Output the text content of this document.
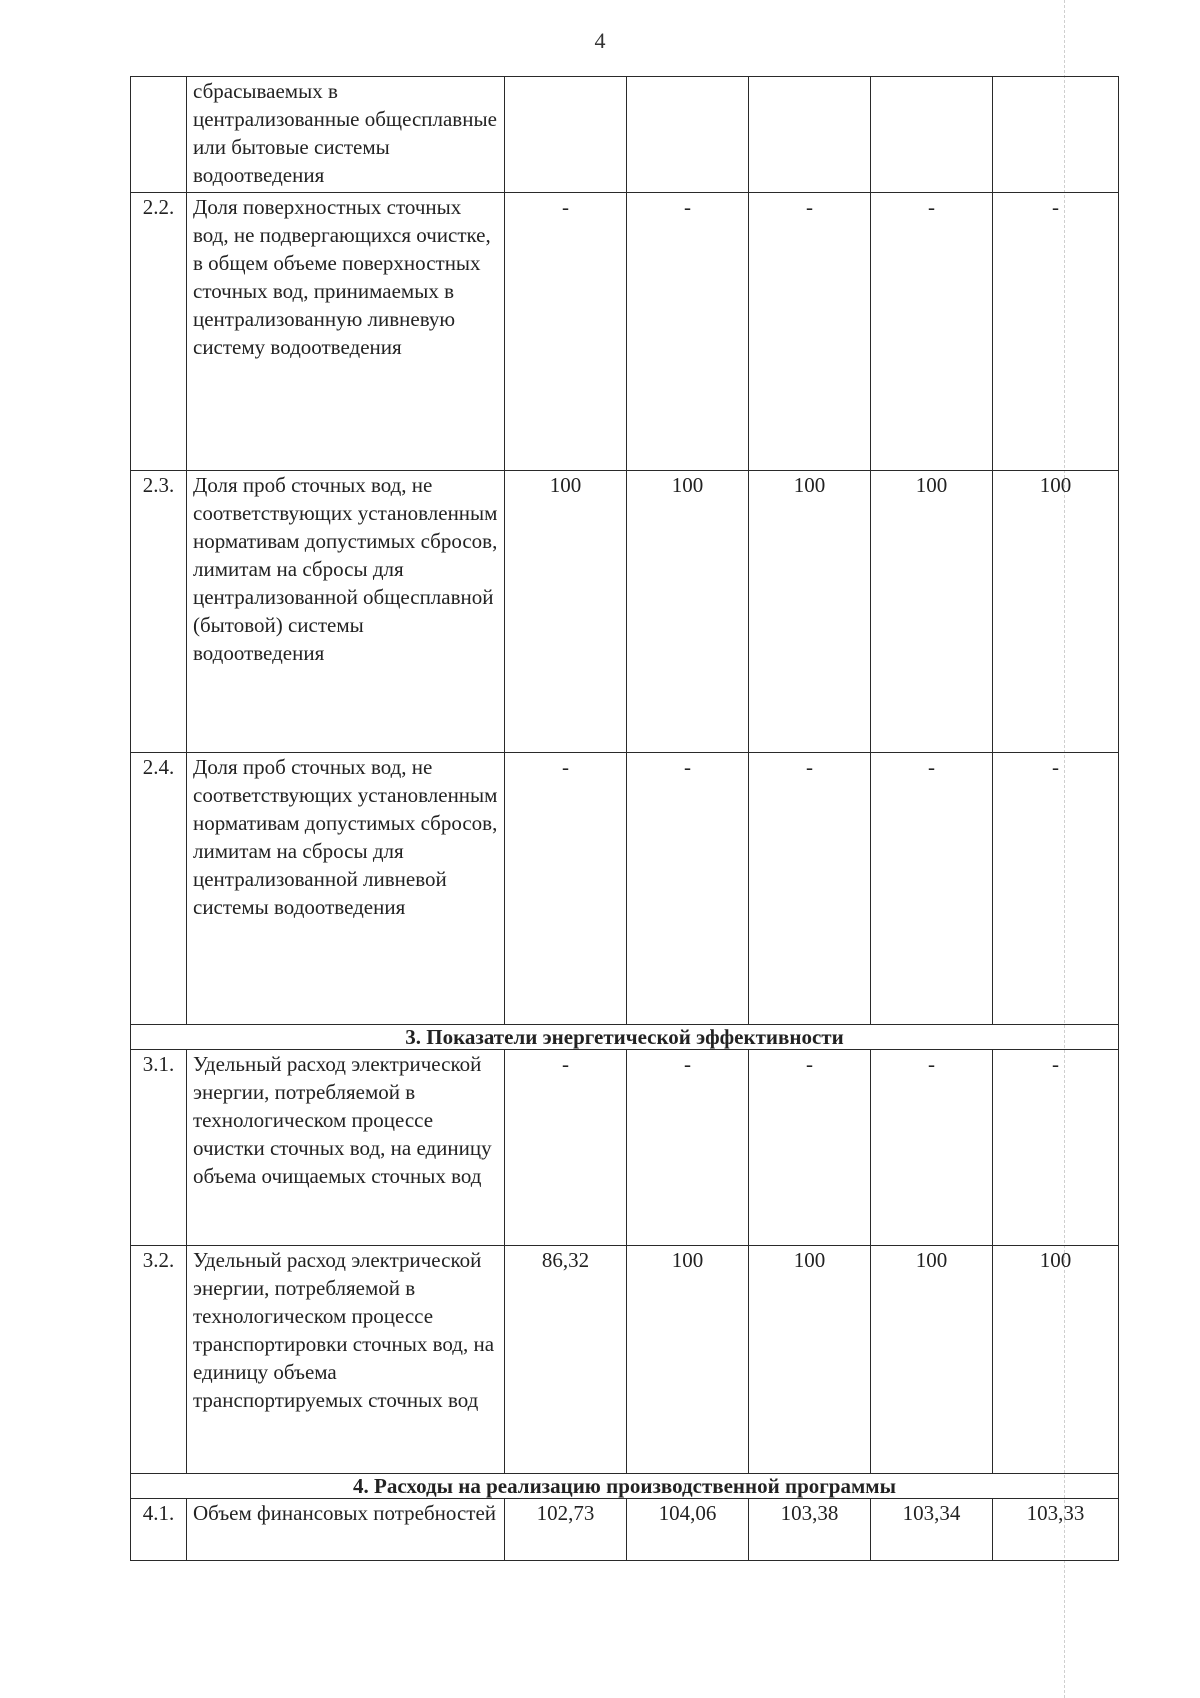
4
	сбрасываемых в централизованные общесплавные или бытовые системы водоотведения					
2.2.	Доля поверхностных сточных вод, не подвергающихся очистке, в общем объеме поверхностных сточных вод, принимаемых в централизованную ливневую систему водоотведения	-	-	-	-	-
2.3.	Доля проб сточных вод, не соответствующих установленным нормативам допустимых сбросов, лимитам на сбросы для централизованной общесплавной (бытовой) системы водоотведения	100	100	100	100	100
2.4.	Доля проб сточных вод, не соответствующих установленным нормативам допустимых сбросов, лимитам на сбросы для централизованной ливневой системы водоотведения	-	-	-	-	-
3. Показатели энергетической эффективности						
3.1.	Удельный расход электрической энергии, потребляемой в технологическом процессе очистки сточных вод, на единицу объема очищаемых сточных вод	-	-	-	-	-
3.2.	Удельный расход электрической энергии, потребляемой в технологическом процессе транспортировки сточных вод, на единицу объема транспортируемых сточных вод	86,32	100	100	100	100
4. Расходы на реализацию производственной программы						
4.1.	Объем финансовых потребностей	102,73	104,06	103,38	103,34	103,33
